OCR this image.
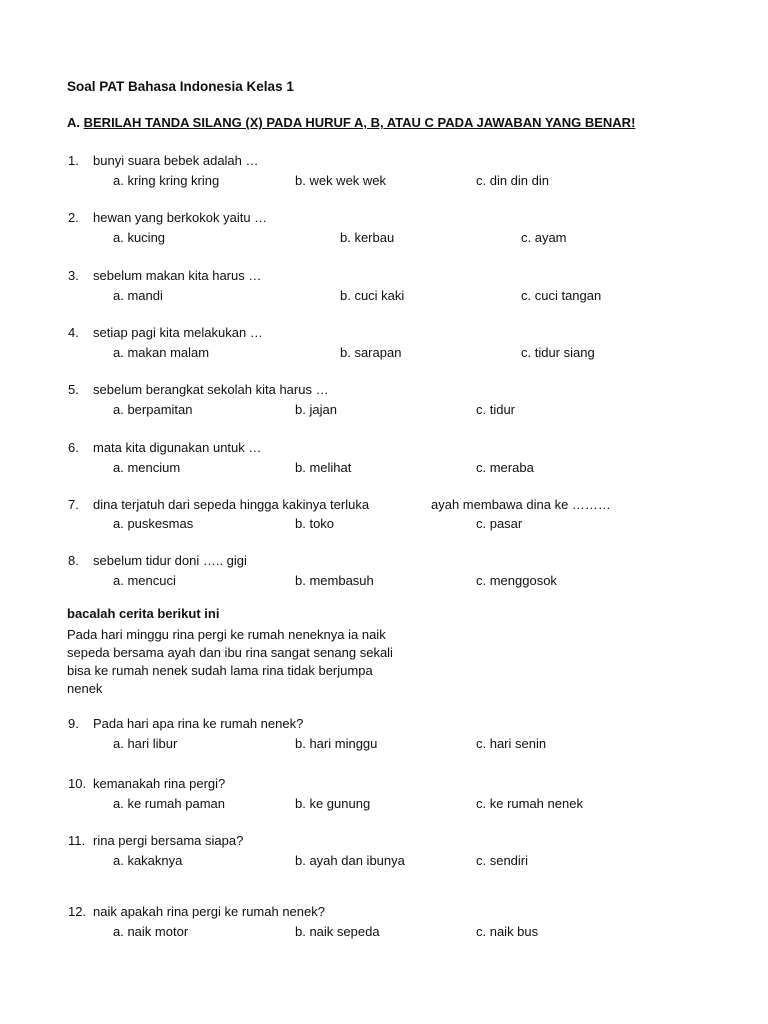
Soal PAT Bahasa Indonesia Kelas 1
A. BERILAH TANDA SILANG (X) PADA HURUF A, B, ATAU C PADA JAWABAN YANG BENAR!
1. bunyi suara bebek adalah …
a. kring kring kring	b. wek wek wek	c. din din din
2. hewan yang berkokok yaitu …
a. kucing	b. kerbau	c. ayam
3. sebelum makan kita harus …
a. mandi	b. cuci kaki	c. cuci tangan
4. setiap pagi kita melakukan …
a. makan malam	b. sarapan	c. tidur siang
5. sebelum berangkat sekolah kita harus …
a. berpamitan	b. jajan	c. tidur
6. mata kita digunakan untuk …
a. mencium	b. melihat	c. meraba
7. dina terjatuh dari sepeda hingga kakinya terluka	ayah membawa dina ke ………
a. puskesmas	b. toko	c. pasar
8. sebelum tidur doni ….. gigi
a. mencuci	b. membasuh	c. menggosok
9. Pada hari apa rina ke rumah nenek?
a. hari libur	b. hari minggu	c. hari senin
10. kemanakah rina pergi?
a. ke rumah paman	b. ke gunung	c. ke rumah nenek
11. rina pergi bersama siapa?
a. kakaknya	b. ayah dan ibunya	c. sendiri
12. naik apakah rina pergi ke rumah nenek?
a. naik motor	b. naik sepeda	c. naik bus
bacalah cerita berikut ini
Pada hari minggu rina pergi ke rumah neneknya ia naik
sepeda bersama ayah dan ibu rina sangat senang sekali
bisa ke rumah nenek sudah lama rina tidak berjumpa
nenek
